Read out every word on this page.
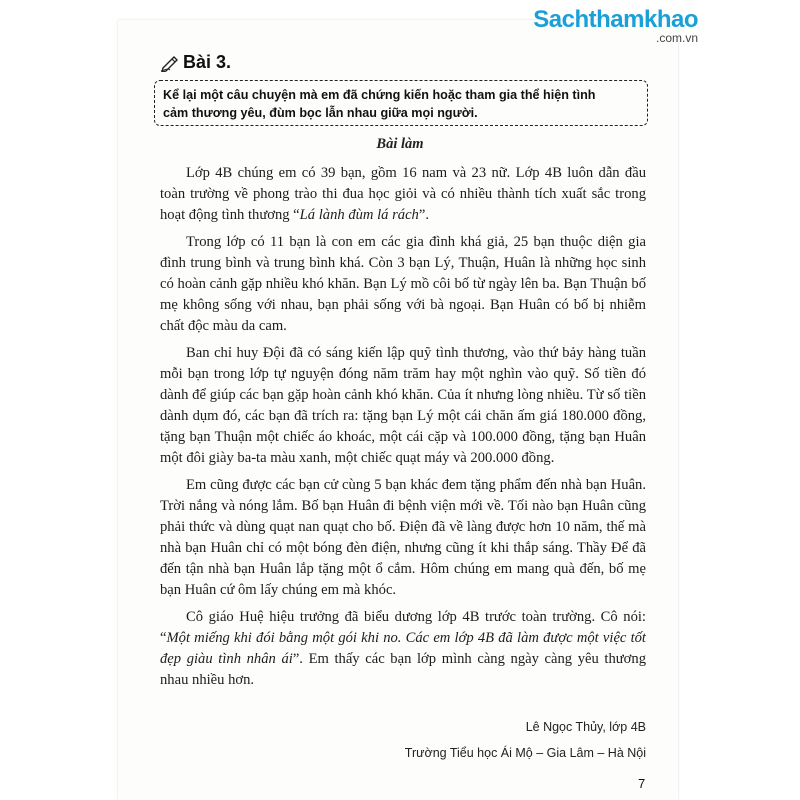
Sachthamkhao
.com.vn
Bài 3.
Kể lại một câu chuyện mà em đã chứng kiến hoặc tham gia thể hiện tình
cảm thương yêu, đùm bọc lẫn nhau giữa mọi người.
Bài làm

Lớp 4B chúng em có 39 bạn, gồm 16 nam và 23 nữ. Lớp 4B luôn dẫn đầu toàn trường về phong trào thi đua học giỏi và có nhiều thành tích xuất sắc trong hoạt động tình thương “Lá lành đùm lá rách”.

Trong lớp có 11 bạn là con em các gia đình khá giả, 25 bạn thuộc diện gia đình trung bình và trung bình khá. Còn 3 bạn Lý, Thuận, Huân là những học sinh có hoàn cảnh gặp nhiều khó khăn. Bạn Lý mồ côi bố từ ngày lên ba. Bạn Thuận bố mẹ không sống với nhau, bạn phải sống với bà ngoại. Bạn Huân có bố bị nhiễm chất độc màu da cam.

Ban chỉ huy Đội đã có sáng kiến lập quỹ tình thương, vào thứ bảy hàng tuần mỗi bạn trong lớp tự nguyện đóng năm trăm hay một nghìn vào quỹ. Số tiền đó dành để giúp các bạn gặp hoàn cảnh khó khăn. Của ít nhưng lòng nhiều. Từ số tiền dành dụm đó, các bạn đã trích ra: tặng bạn Lý một cái chăn ấm giá 180.000 đồng, tặng bạn Thuận một chiếc áo khoác, một cái cặp và 100.000 đồng, tặng bạn Huân một đôi giày ba-ta màu xanh, một chiếc quạt máy và 200.000 đồng.

Em cũng được các bạn cử cùng 5 bạn khác đem tặng phẩm đến nhà bạn Huân. Trời nắng và nóng lắm. Bố bạn Huân đi bệnh viện mới về. Tối nào bạn Huân cũng phải thức và dùng quạt nan quạt cho bố. Điện đã về làng được hơn 10 năm, thế mà nhà bạn Huân chỉ có một bóng đèn điện, nhưng cũng ít khi thắp sáng. Thầy Để đã đến tận nhà bạn Huân lắp tặng một ổ cắm. Hôm chúng em mang quà đến, bố mẹ bạn Huân cứ ôm lấy chúng em mà khóc.

Cô giáo Huệ hiệu trưởng đã biểu dương lớp 4B trước toàn trường. Cô nói: “Một miếng khi đói bằng một gói khi no. Các em lớp 4B đã làm được một việc tốt đẹp giàu tình nhân ái”. Em thấy các bạn lớp mình càng ngày càng yêu thương nhau nhiều hơn.

Lê Ngọc Thủy, lớp 4B
Trường Tiểu học Ái Mộ – Gia Lâm – Hà Nội
7
